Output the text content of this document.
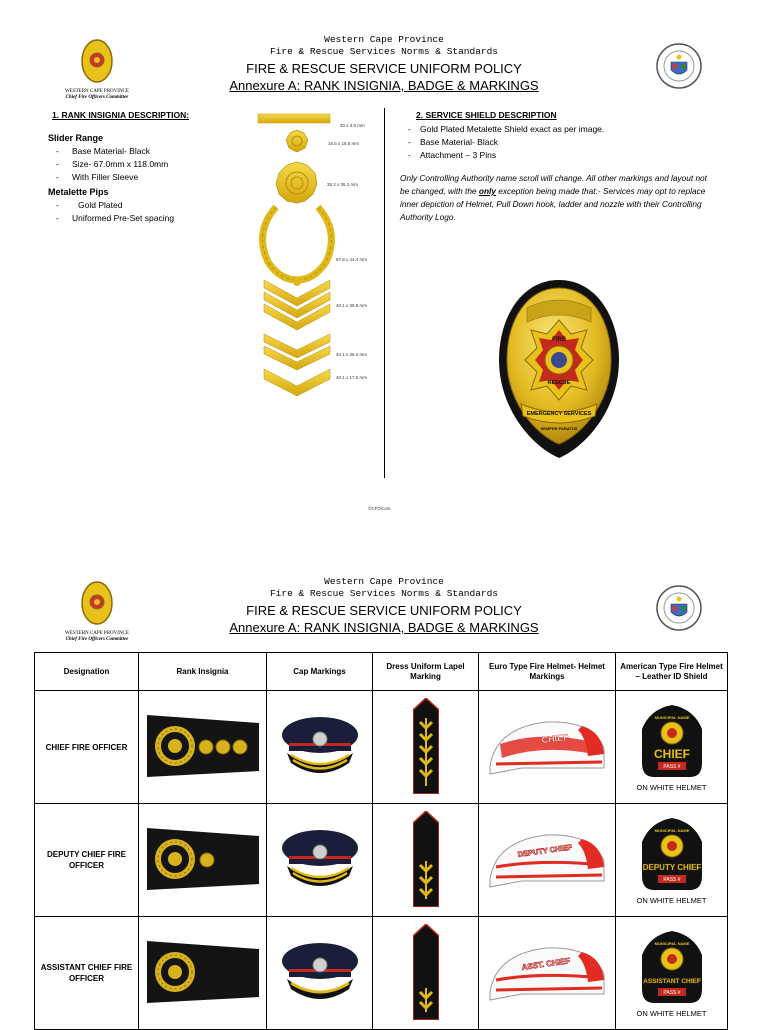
WESTERN CAPE PROVINCE
Chief Fire Officers Committee
Western Cape Province
Fire & Rescue Services Norms & Standards
FIRE & RESCUE SERVICE UNIFORM POLICY
Annexure A: RANK INSIGNIA, BADGE & MARKINGS
1. RANK INSIGNIA DESCRIPTION:
Slider Range
- Base Material- Black
- Size- 67.0mm x 118.0mm
- With Filler Sleeve
Metalette Pips
- Gold Plated
- Uniformed Pre-Set spacing
40 x 4.5 mm
16.5 x 16.5 mm
35.2 x 35.2 mm
57.8 x 44.4 mm
40.1 x 39.8 mm
40.1 x 36.2 mm
40.1 x 17.5 mm
2. SERVICE SHIELD DESCRIPTION
- Gold Plated Metalette Shield exact as per image.
- Base Material- Black
- Attachment – 3 Pins
Only Controlling Authority name scroll will change. All other markings and layout not be changed, with the only exception being made that:- Services may opt to replace inner depiction of Helmet, Pull Down hook, ladder and nozzle with their Controlling Authority Logo.
FIRE
RESCUE
EMERGENCY SERVICES
SEMPER PARATUS
©CFOCom
WESTERN CAPE PROVINCE
Chief Fire Officers Committee
Western Cape Province
Fire & Rescue Services Norms & Standards
FIRE & RESCUE SERVICE UNIFORM POLICY
Annexure A: RANK INSIGNIA, BADGE & MARKINGS
Designation	Rank Insignia	Cap Markings	Dress Uniform Lapel Marking	Euro Type Fire Helmet- Helmet Markings	American Type Fire Helmet – Leather ID Shield
CHIEF FIRE OFFICER				CHIEF	MUNICIPAL NAME
CHIEF
PASS #
ON WHITE HELMET

DEPUTY CHIEF FIRE OFFICER				DEPUTY CHIEF	MUNICIPAL NAME
DEPUTY CHIEF
PASS #
ON WHITE HELMET

ASSISTANT CHIEF FIRE OFFICER				ASST. CHIEF	MUNICIPAL NAME
ASSISTANT CHIEF
PASS #
ON WHITE HELMET
